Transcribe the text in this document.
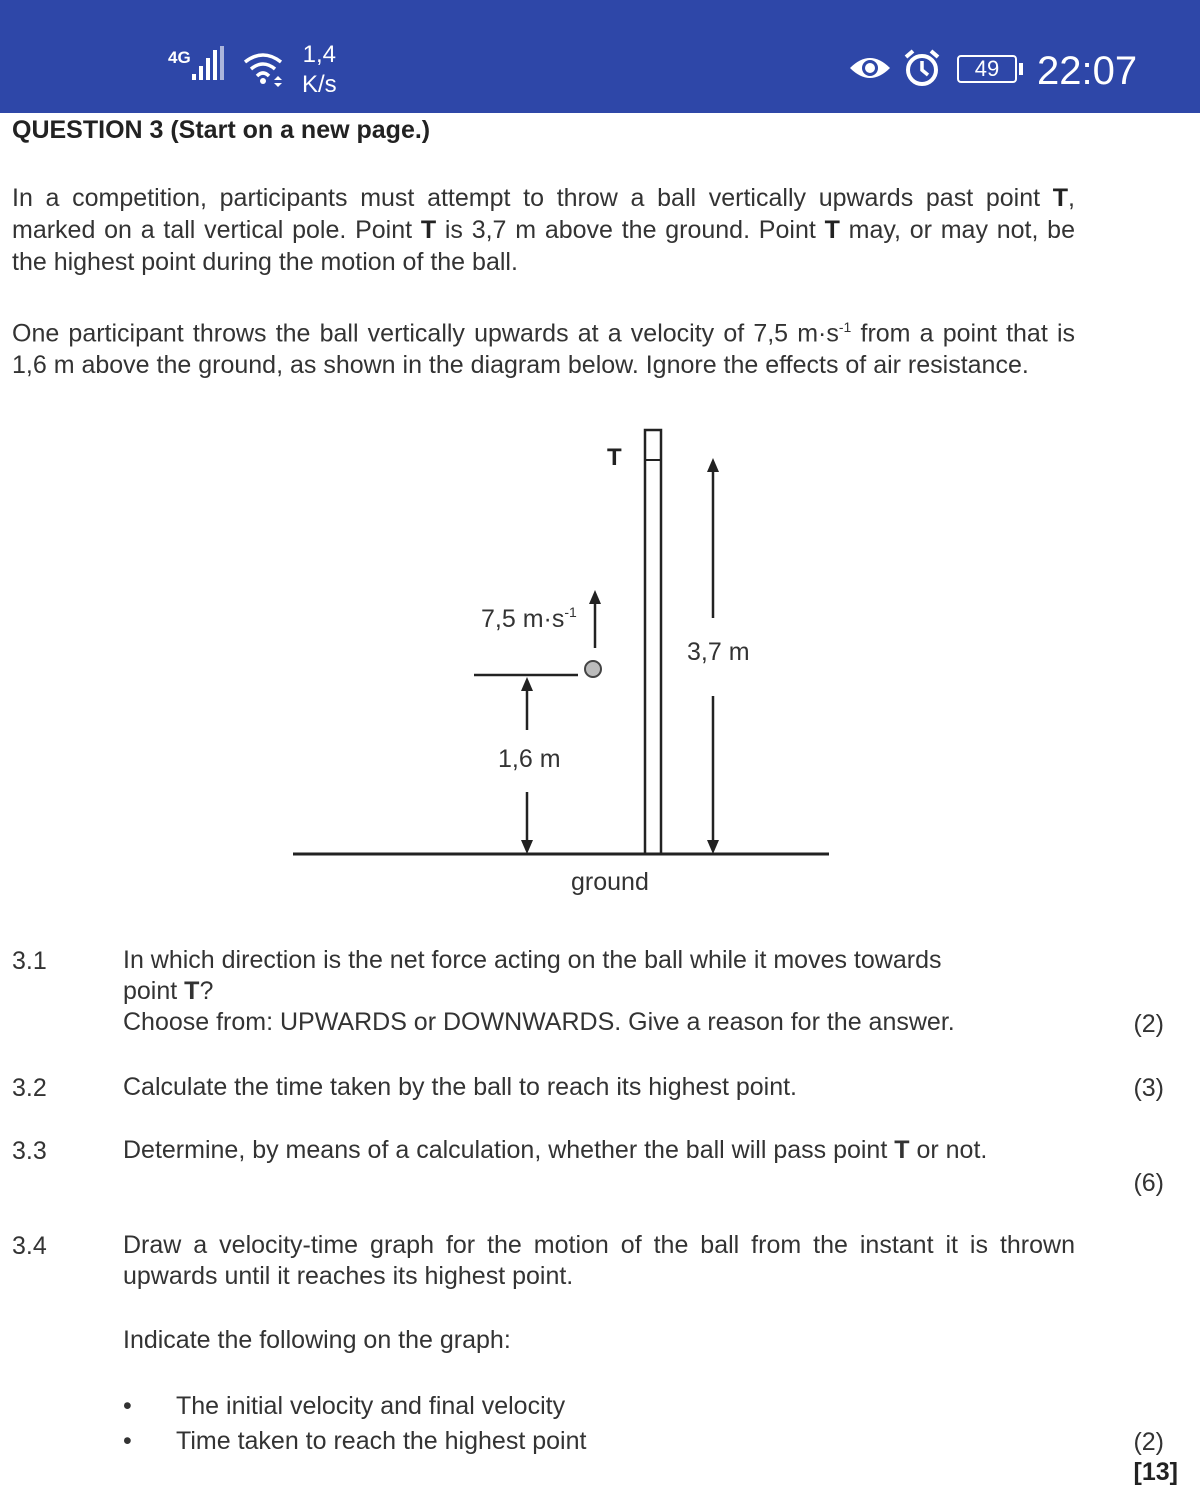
4G	1,4
K/s
49 22:07
QUESTION 3 (Start on a new page.)
In a competition, participants must attempt to throw a ball vertically upwards past point T, marked on a tall vertical pole. Point T is 3,7 m above the ground. Point T may, or may not, be the highest point during the motion of the ball.
One participant throws the ball vertically upwards at a velocity of 7,5 $m\cdot s^{-1}$ from a point that is 1,6 m above the ground, as shown in the diagram below. Ignore the effects of air resistance.
T
ground
3,7 m
7,5 $m\cdot s^{-1}$
1,6 m
3.1	In which direction is the net force acting on the ball while it moves towards
point T?
Choose from: UPWARDS or DOWNWARDS. Give a reason for the answer.	(2)
3.2	Calculate the time taken by the ball to reach its highest point.	(3)
3.3	Determine, by means of a calculation, whether the ball will pass point T or not.
(6)
3.4	Draw a velocity-time graph for the motion of the ball from the instant it is thrown upwards until it reaches its highest point.
Indicate the following on the graph:
• The initial velocity and final velocity
• Time taken to reach the highest point	(2)
[13]
